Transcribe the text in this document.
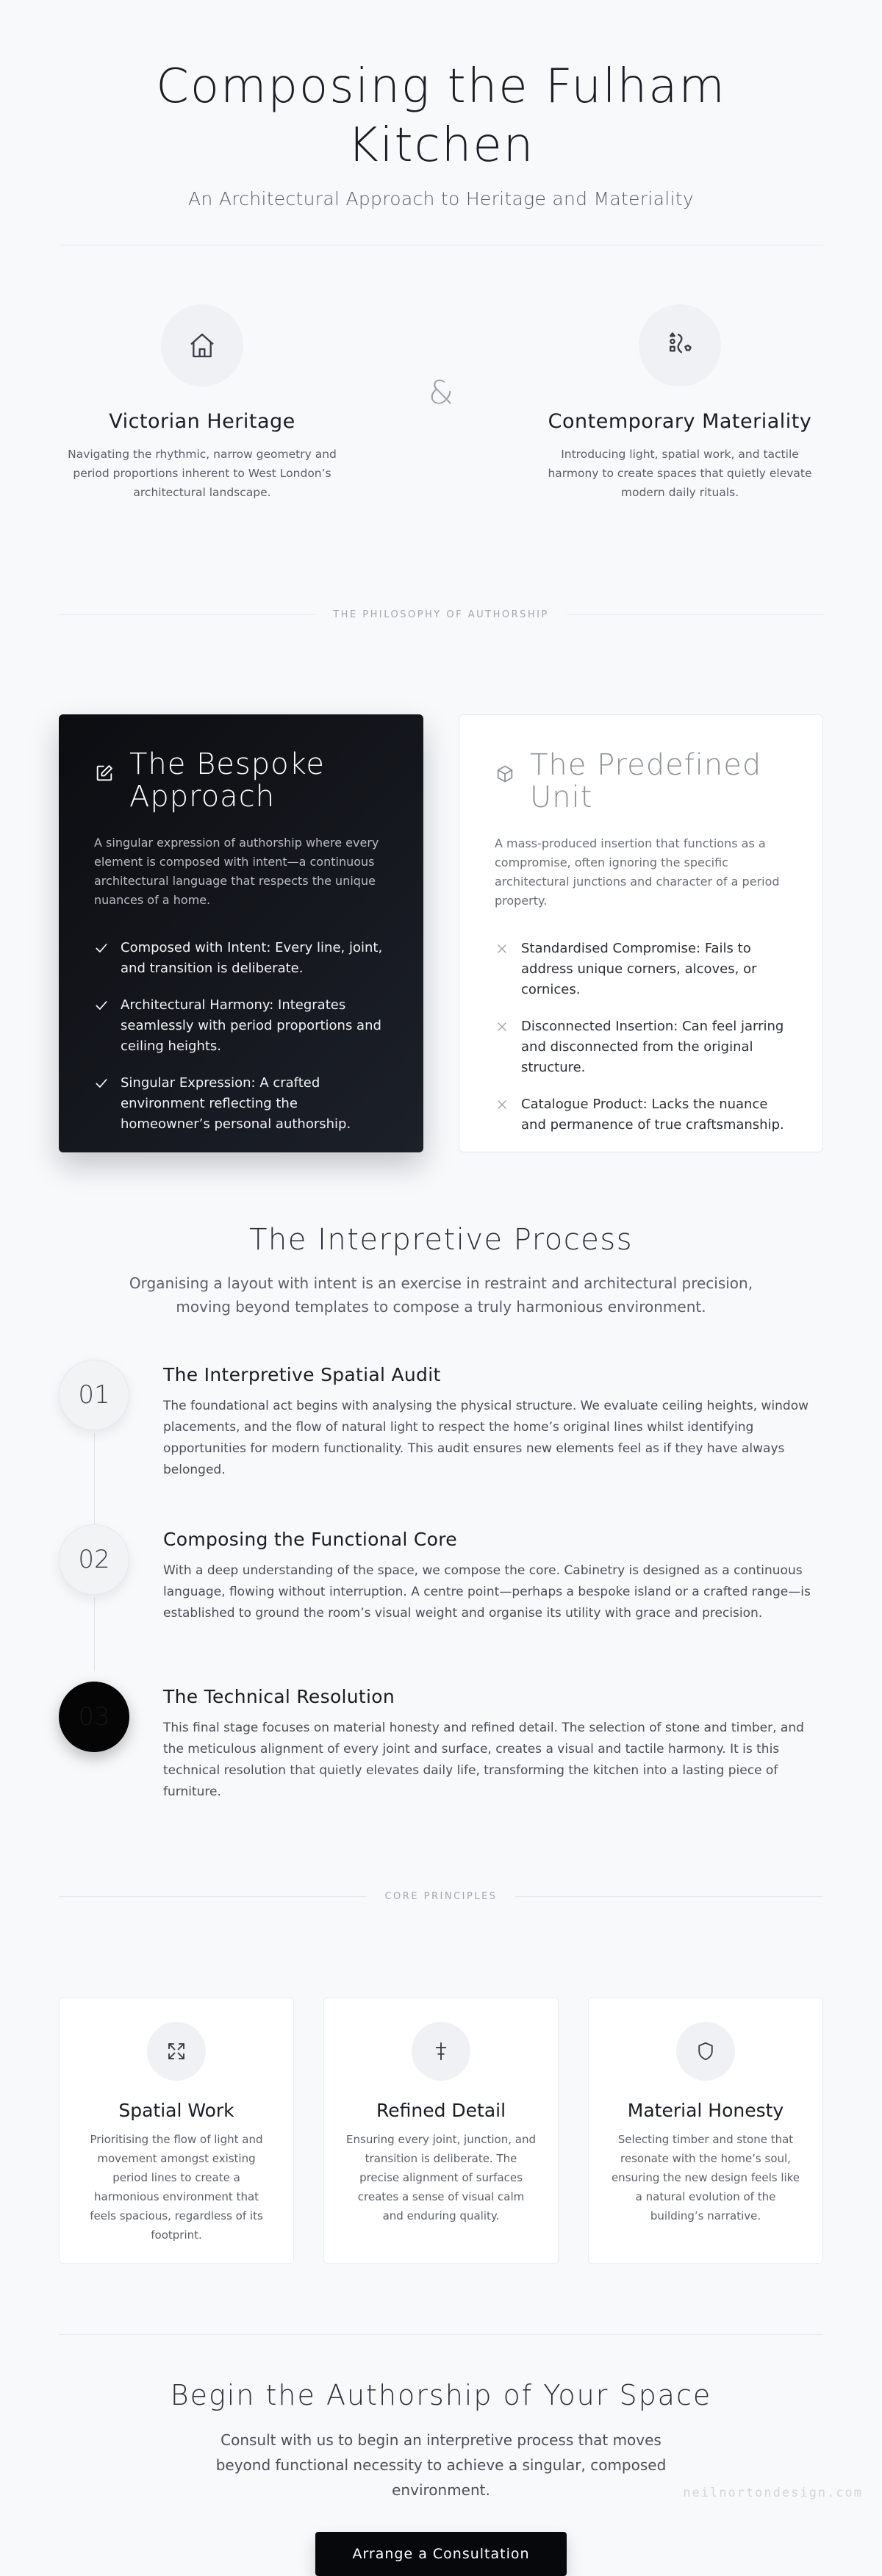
Composing the Fulham Kitchen
An Architectural Approach to Heritage and Materiality
Victorian Heritage

Navigating the rhythmic, narrow geometry and period proportions inherent to West London’s architectural landscape.

&
Contemporary Materiality

Introducing light, spatial work, and tactile harmony to create spaces that quietly elevate modern daily rituals.

THE PHILOSOPHY OF AUTHORSHIP
The Bespoke Approach

A singular expression of authorship where every element is composed with intent—a continuous architectural language that respects the unique nuances of a home.

Composed with Intent: Every line, joint, and transition is deliberate.
Architectural Harmony: Integrates seamlessly with period proportions and ceiling heights.
Singular Expression: A crafted environment reflecting the homeowner’s personal authorship.
The Predefined Unit

A mass-produced insertion that functions as a compromise, often ignoring the specific architectural junctions and character of a period property.

Standardised Compromise: Fails to address unique corners, alcoves, or cornices.
Disconnected Insertion: Can feel jarring and disconnected from the original structure.
Catalogue Product: Lacks the nuance and permanence of true craftsmanship.
The Interpretive Process

Organising a layout with intent is an exercise in restraint and architectural precision, moving beyond templates to compose a truly harmonious environment.

01
The Interpretive Spatial Audit

The foundational act begins with analysing the physical structure. We evaluate ceiling heights, window placements, and the flow of natural light to respect the home’s original lines whilst identifying opportunities for modern functionality. This audit ensures new elements feel as if they have always belonged.

02
Composing the Functional Core

With a deep understanding of the space, we compose the core. Cabinetry is designed as a continuous language, flowing without interruption. A centre point—perhaps a bespoke island or a crafted range—is established to ground the room’s visual weight and organise its utility with grace and precision.

03
The Technical Resolution

This final stage focuses on material honesty and refined detail. The selection of stone and timber, and the meticulous alignment of every joint and surface, creates a visual and tactile harmony. It is this technical resolution that quietly elevates daily life, transforming the kitchen into a lasting piece of furniture.

CORE PRINCIPLES
Spatial Work

Prioritising the flow of light and movement amongst existing period lines to create a harmonious environment that feels spacious, regardless of its footprint.

Refined Detail

Ensuring every joint, junction, and transition is deliberate. The precise alignment of surfaces creates a sense of visual calm and enduring quality.

Material Honesty

Selecting timber and stone that resonate with the home’s soul, ensuring the new design feels like a natural evolution of the building’s narrative.

Begin the Authorship of Your Space

Consult with us to begin an interpretive process that moves beyond functional necessity to achieve a singular, composed environment.

Arrange a Consultation
neilnortondesign.com
